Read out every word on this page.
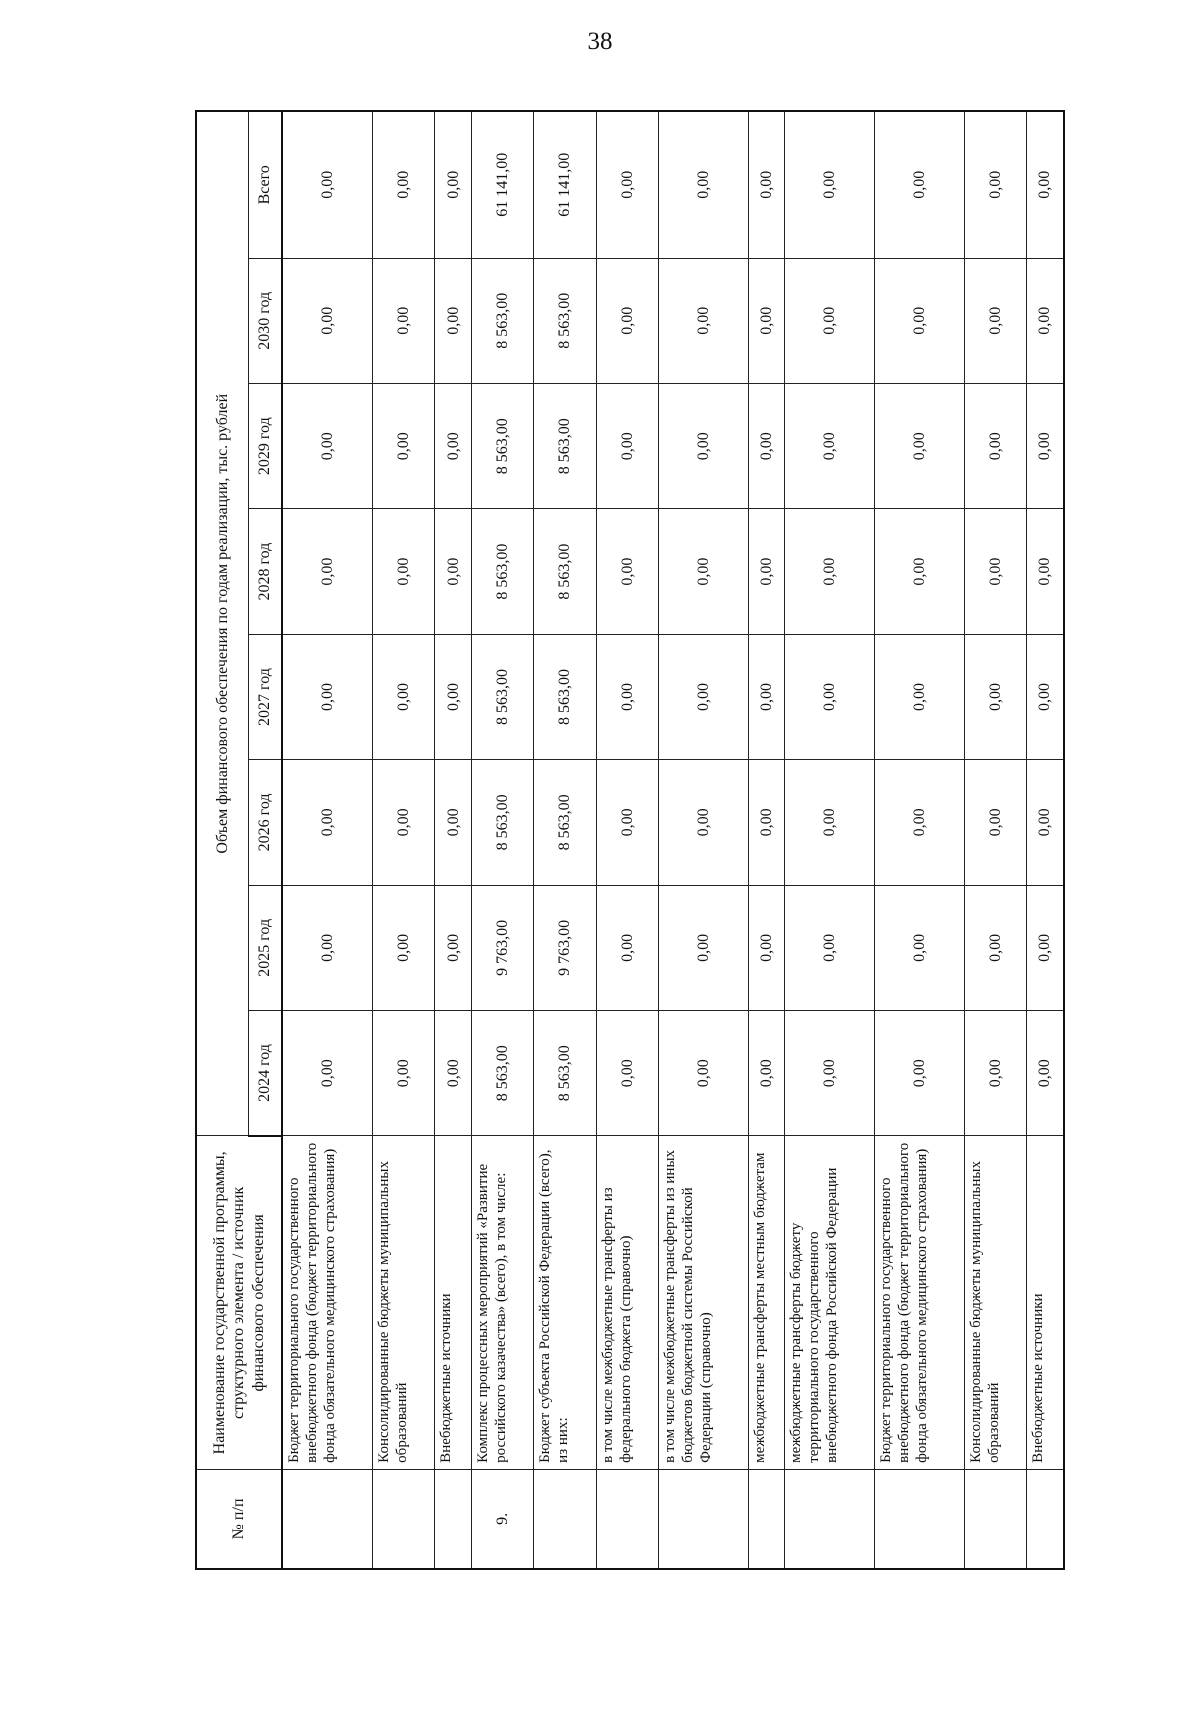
38
№ п/п	Наименование государственной программы, структурного элемента / источник финансового обеспечения	Объем финансового обеспечения по годам реализации, тыс. рублей							
		2024 год	2025 год	2026 год	2027 год	2028 год	2029 год	2030 год	Всего
	Бюджет территориального государственного внебюджетного фонда (бюджет территориального фонда обязательного медицинского страхования)	0,00	0,00	0,00	0,00	0,00	0,00	0,00	0,00
	Консолидированные бюджеты муниципальных образований	0,00	0,00	0,00	0,00	0,00	0,00	0,00	0,00
	Внебюджетные источники	0,00	0,00	0,00	0,00	0,00	0,00	0,00	0,00
9.	Комплекс процессных мероприятий «Развитие российского казачества» (всего), в том числе:	8 563,00	9 763,00	8 563,00	8 563,00	8 563,00	8 563,00	8 563,00	61 141,00
	Бюджет субъекта Российской Федерации (всего), из них:	8 563,00	9 763,00	8 563,00	8 563,00	8 563,00	8 563,00	8 563,00	61 141,00
	в том числе межбюджетные трансферты из федерального бюджета (справочно)	0,00	0,00	0,00	0,00	0,00	0,00	0,00	0,00
	в том числе межбюджетные трансферты из иных бюджетов бюджетной системы Российской Федерации (справочно)	0,00	0,00	0,00	0,00	0,00	0,00	0,00	0,00
	межбюджетные трансферты местным бюджетам	0,00	0,00	0,00	0,00	0,00	0,00	0,00	0,00
	межбюджетные трансферты бюджету территориального государственного внебюджетного фонда Российской Федерации	0,00	0,00	0,00	0,00	0,00	0,00	0,00	0,00
	Бюджет территориального государственного внебюджетного фонда (бюджет территориального фонда обязательного медицинского страхования)	0,00	0,00	0,00	0,00	0,00	0,00	0,00	0,00
	Консолидированные бюджеты муниципальных образований	0,00	0,00	0,00	0,00	0,00	0,00	0,00	0,00
	Внебюджетные источники	0,00	0,00	0,00	0,00	0,00	0,00	0,00	0,00
